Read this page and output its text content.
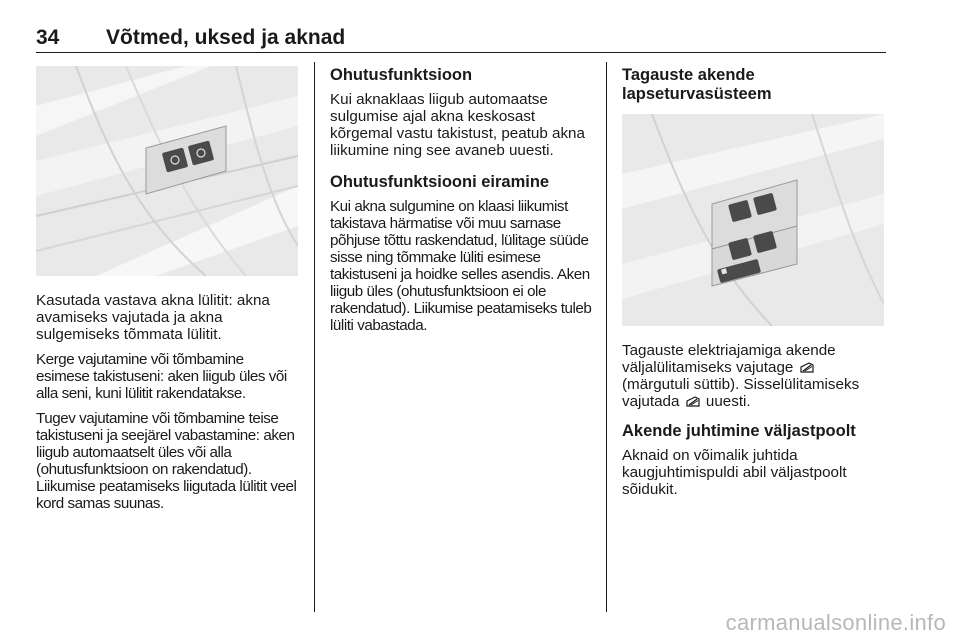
34 Võtmed, uksed ja aknad

Kasutada vastava akna lülitit: akna avamiseks vajutada ja akna sulgemiseks tõmmata lülitit.

Kerge vajutamine või tõmbamine esimese takistuseni: aken liigub üles või alla seni, kuni lülitit rakendatakse.

Tugev vajutamine või tõmbamine teise takistuseni ja seejärel vabastamine: aken liigub automaatselt üles või alla (ohutusfunktsioon on rakendatud). Liikumise peatamiseks liigutada lülitit veel kord samas suunas.

Ohutusfunktsioon

Kui aknaklaas liigub automaatse sulgumise ajal akna keskosast kõrgemal vastu takistust, peatub akna liikumine ning see avaneb uuesti.

Ohutusfunktsiooni eiramine

Kui akna sulgumine on klaasi liikumist takistava härmatise või muu sarnase põhjuse tõttu raskendatud, lülitage süüde sisse ning tõmmake lüliti esimese takistuseni ja hoidke selles asendis. Aken liigub üles (ohutusfunktsioon ei ole rakendatud). Liikumise peatamiseks tuleb lüliti vabastada.

Tagauste akende lapseturvasüsteem

Tagauste elektriajamiga akende väljalülitamiseks vajutage  (märgutuli süttib). Sisselülitamiseks vajutada uuesti.

Akende juhtimine väljastpoolt

Aknaid on võimalik juhtida kaugjuhtimispuldi abil väljastpoolt sõidukit.

carmanualsonline.info
